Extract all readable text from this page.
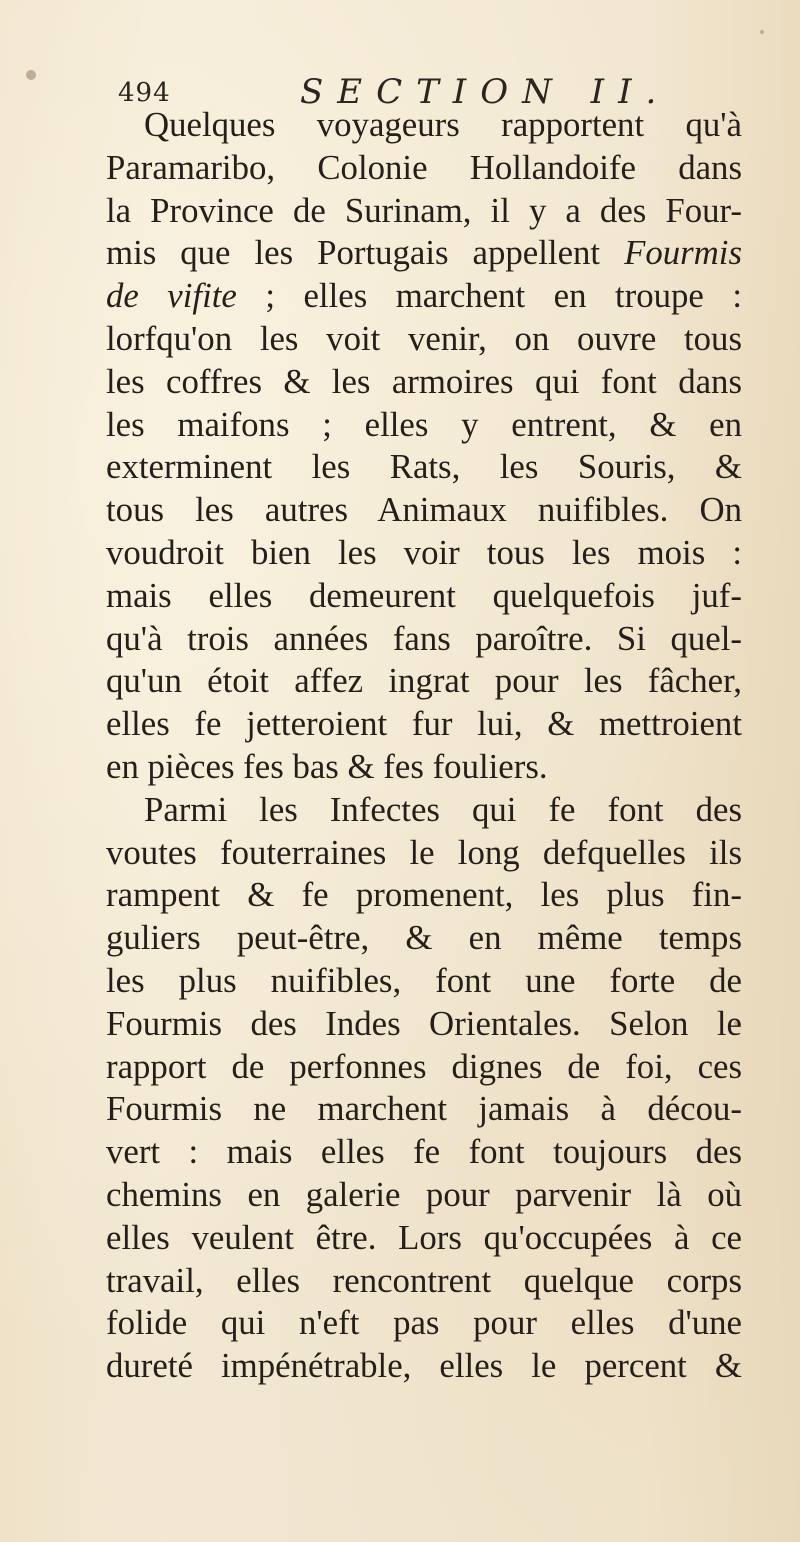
494	SECTION II.
Quelques voyageurs rapportent qu'à
Paramaribo, Colonie Hollandoife dans
la Province de Surinam, il y a des Four-
mis que les Portugais appellent Fourmis
de vifite ; elles marchent en troupe :
lorfqu'on les voit venir, on ouvre tous
les coffres & les armoires qui font dans
les maifons ; elles y entrent, & en
exterminent les Rats, les Souris, &
tous les autres Animaux nuifibles. On
voudroit bien les voir tous les mois :
mais elles demeurent quelquefois juf-
qu'à trois années fans paroître. Si quel-
qu'un étoit affez ingrat pour les fâcher,
elles fe jetteroient fur lui, & mettroient
en pièces fes bas & fes fouliers.
Parmi les Infectes qui fe font des
voutes fouterraines le long defquelles ils
rampent & fe promenent, les plus fin-
guliers peut-être, & en même temps
les plus nuifibles, font une forte de
Fourmis des Indes Orientales. Selon le
rapport de perfonnes dignes de foi, ces
Fourmis ne marchent jamais à décou-
vert : mais elles fe font toujours des
chemins en galerie pour parvenir là où
elles veulent être. Lors qu'occupées à ce
travail, elles rencontrent quelque corps
folide qui n'eft pas pour elles d'une
dureté impénétrable, elles le percent &
